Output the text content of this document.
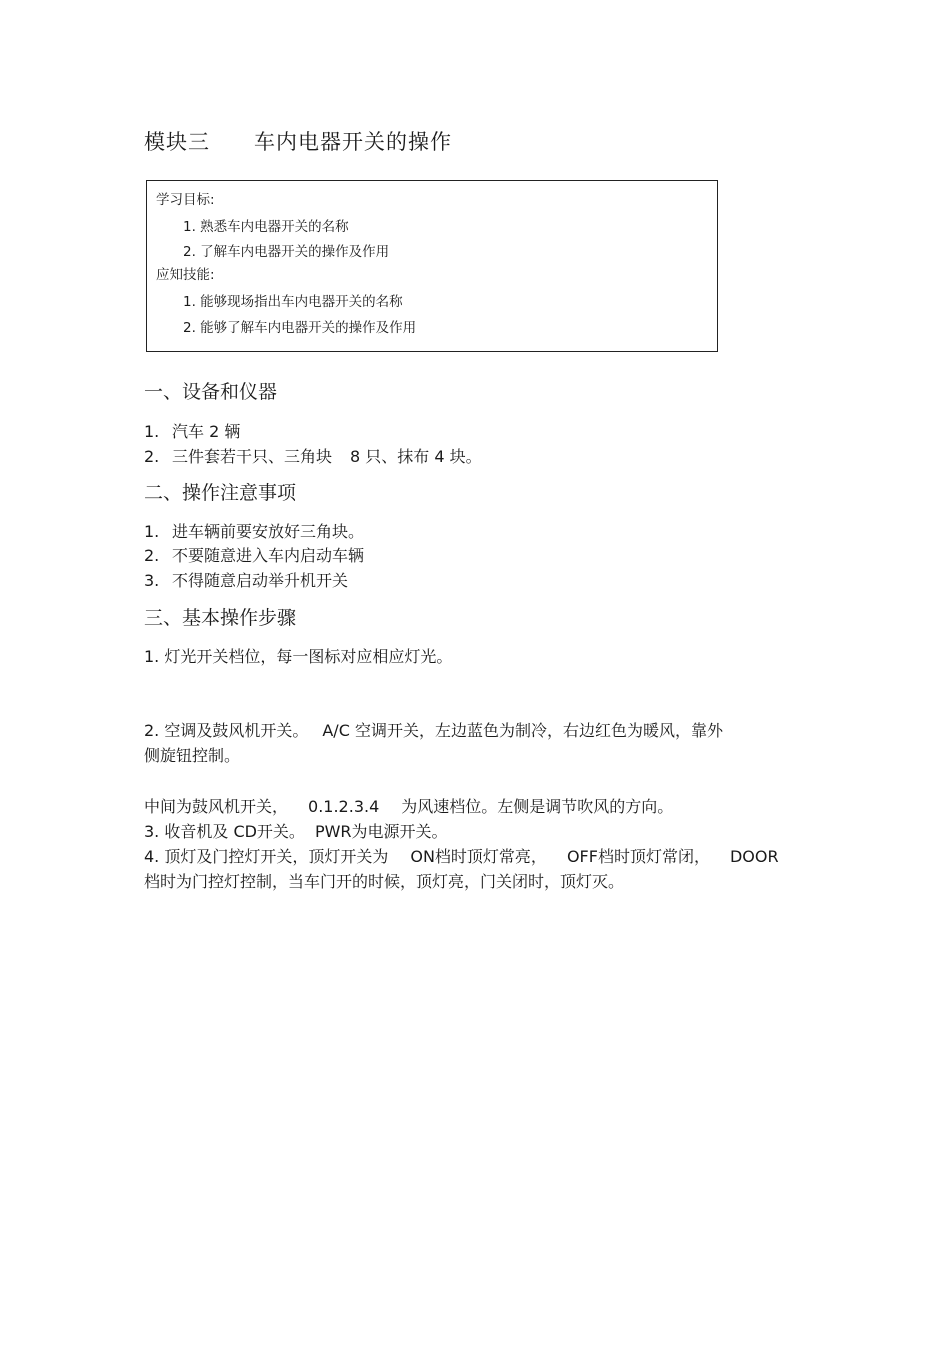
模块三 车内电器开关的操作
学习目标:
1. 熟悉车内电器开关的名称
2. 了解车内电器开关的操作及作用
应知技能:
1. 能够现场指出车内电器开关的名称
2. 能够了解车内电器开关的操作及作用
一、设备和仪器
1. 汽车 2 辆
2. 三件套若干只、三角块 8 只、抹布 4 块。
二、操作注意事项
1. 进车辆前要安放好三角块。
2. 不要随意进入车内启动车辆
3. 不得随意启动举升机开关
三、基本操作步骤
1. 灯光开关档位，每一图标对应相应灯光。
2. 空调及鼓风机开关。 A/C 空调开关，左边蓝色为制冷，右边红色为暖风，靠外
侧旋钮控制。
中间为鼓风机开关， 0.1.2.3.4 为风速档位。左侧是调节吹风的方向。
3. 收音机及 CD开关。 PWR为电源开关。
4. 顶灯及门控灯开关，顶灯开关为 ON档时顶灯常亮， OFF档时顶灯常闭， DOOR
档时为门控灯控制，当车门开的时候，顶灯亮，门关闭时，顶灯灭。
